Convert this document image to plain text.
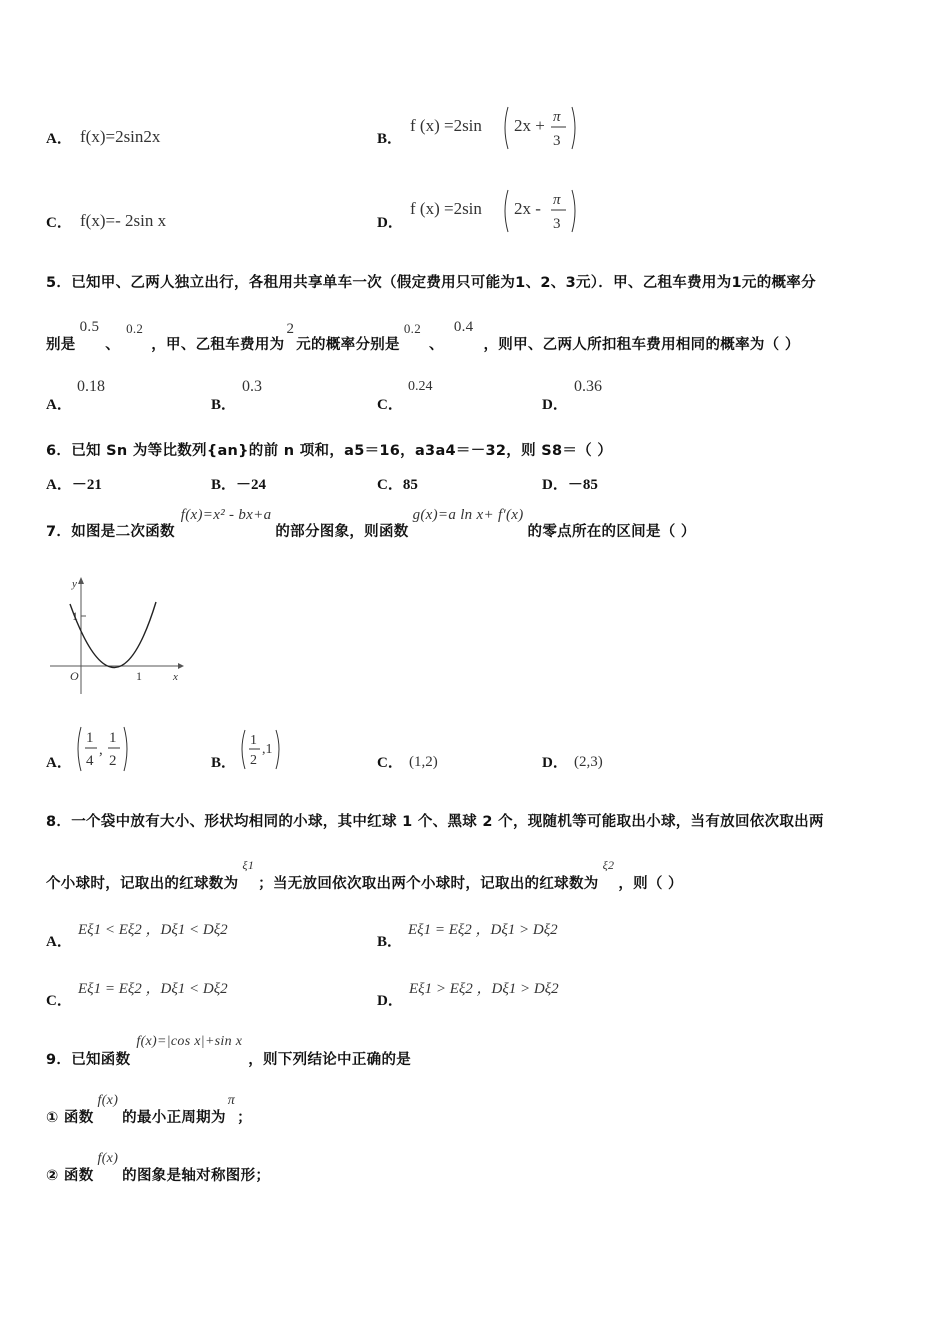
A． f(x)=2sin2x	B．
f (x) =2sin 2x + π
3
C． f(x)=- 2sin x	D．
f (x) =2sin 2x - π
3
5．已知甲、乙两人独立出行，各租用共享单车一次（假定费用只可能为1、2、3元）．甲、乙租车费用为1元的概率分
别是
0.5
、
0.2
，甲、乙租车费用为
2
元的概率分别是
0.2
、
0.4
，则甲、乙两人所扣租车费用相同的概率为（ ）
A．
0.18
B．
0.3
C．
0.24
D．
0.36
6．已知 Sn 为等比数列{an}的前 n 项和，a5＝16，a3a4＝－32，则 S8＝（ ）
A．－21	B．－24	C．85	D．－85
7．如图是二次函数
f(x)=x² - bx+a
的部分图象，则函数
g(x)=a ln x+ f′(x)
的零点所在的区间是（ ）
y
x
O
1
1
A．
1
4
,
1
2	B．
1
2
,1
C． (1,2)	D． (2,3)
8．一个袋中放有大小、形状均相同的小球，其中红球 1 个、黑球 2 个，现随机等可能取出小球，当有放回依次取出两
个小球时，记取出的红球数为
ξ1
；当无放回依次取出两个小球时，记取出的红球数为
ξ2
，则（ ）
A．
Eξ1 < Eξ2 ，Dξ1 < Dξ2
B．
Eξ1 = Eξ2 ，Dξ1 > Dξ2
C．
Eξ1 = Eξ2 ，Dξ1 < Dξ2
D．
Eξ1 > Eξ2 ，Dξ1 > Dξ2
9．已知函数
f(x)=|cos x|+sin x
，则下列结论中正确的是
① 函数
f(x)
的最小正周期为
π
；
② 函数
f(x)
的图象是轴对称图形；
